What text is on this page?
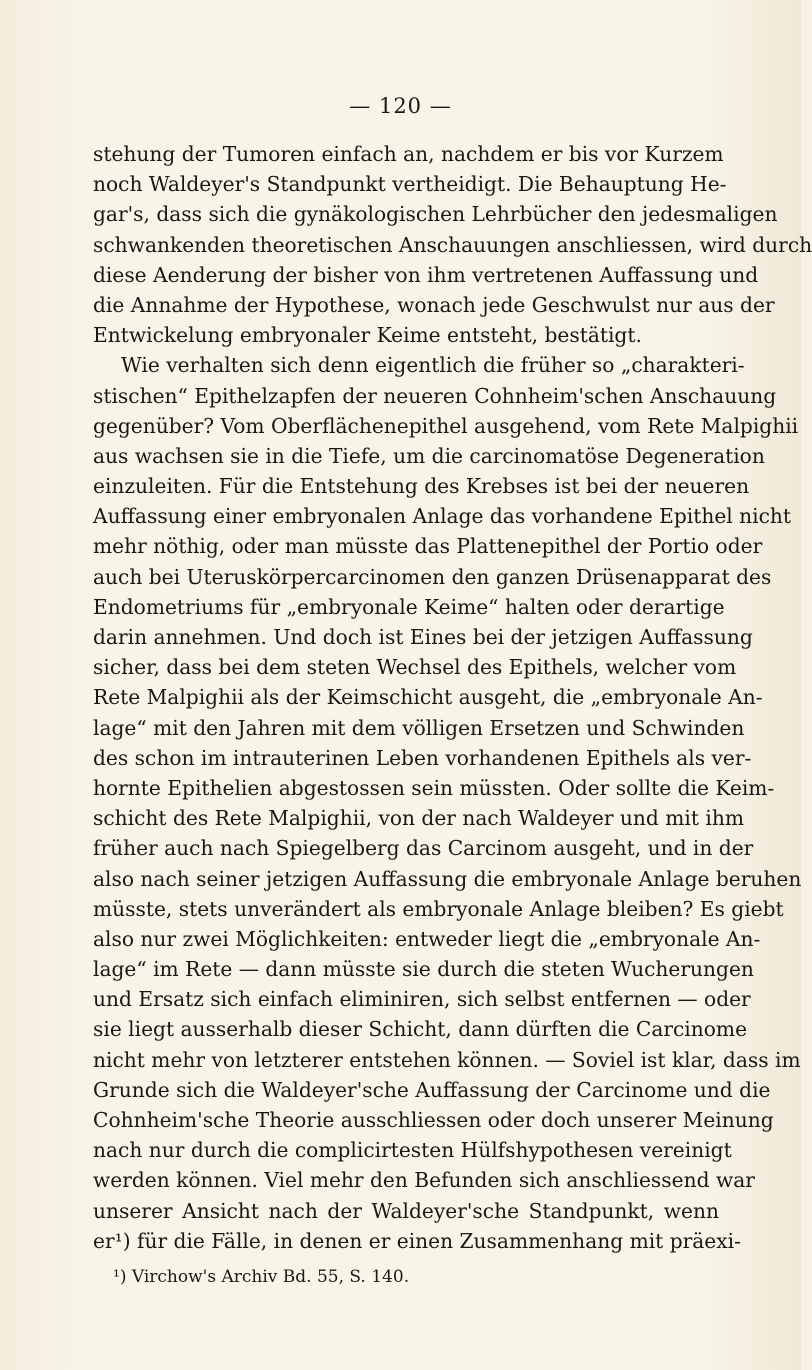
— 120 —
stehung der Tumoren einfach an, nachdem er bis vor Kurzem
noch Waldeyer's Standpunkt vertheidigt. Die Behauptung He-
gar's, dass sich die gynäkologischen Lehrbücher den jedesmaligen
schwankenden theoretischen Anschauungen anschliessen, wird durch
diese Aenderung der bisher von ihm vertretenen Auffassung und
die Annahme der Hypothese, wonach jede Geschwulst nur aus der
Entwickelung embryonaler Keime entsteht, bestätigt.
Wie verhalten sich denn eigentlich die früher so „charakteri-
stischen“ Epithelzapfen der neueren Cohnheim'schen Anschauung
gegenüber? Vom Oberflächenepithel ausgehend, vom Rete Malpighii
aus wachsen sie in die Tiefe, um die carcinomatöse Degeneration
einzuleiten. Für die Entstehung des Krebses ist bei der neueren
Auffassung einer embryonalen Anlage das vorhandene Epithel nicht
mehr nöthig, oder man müsste das Plattenepithel der Portio oder
auch bei Uteruskörpercarcinomen den ganzen Drüsenapparat des
Endometriums für „embryonale Keime“ halten oder derartige
darin annehmen. Und doch ist Eines bei der jetzigen Auffassung
sicher, dass bei dem steten Wechsel des Epithels, welcher vom
Rete Malpighii als der Keimschicht ausgeht, die „embryonale An-
lage“ mit den Jahren mit dem völligen Ersetzen und Schwinden
des schon im intrauterinen Leben vorhandenen Epithels als ver-
hornte Epithelien abgestossen sein müssten. Oder sollte die Keim-
schicht des Rete Malpighii, von der nach Waldeyer und mit ihm
früher auch nach Spiegelberg das Carcinom ausgeht, und in der
also nach seiner jetzigen Auffassung die embryonale Anlage beruhen
müsste, stets unverändert als embryonale Anlage bleiben? Es giebt
also nur zwei Möglichkeiten: entweder liegt die „embryonale An-
lage“ im Rete — dann müsste sie durch die steten Wucherungen
und Ersatz sich einfach eliminiren, sich selbst entfernen — oder
sie liegt ausserhalb dieser Schicht, dann dürften die Carcinome
nicht mehr von letzterer entstehen können. — Soviel ist klar, dass im
Grunde sich die Waldeyer'sche Auffassung der Carcinome und die
Cohnheim'sche Theorie ausschliessen oder doch unserer Meinung
nach nur durch die complicirtesten Hülfshypothesen vereinigt
werden können. Viel mehr den Befunden sich anschliessend war
unserer Ansicht nach der Waldeyer'sche Standpunkt, wenn
er¹) für die Fälle, in denen er einen Zusammenhang mit präexi-
¹) Virchow's Archiv Bd. 55, S. 140.
